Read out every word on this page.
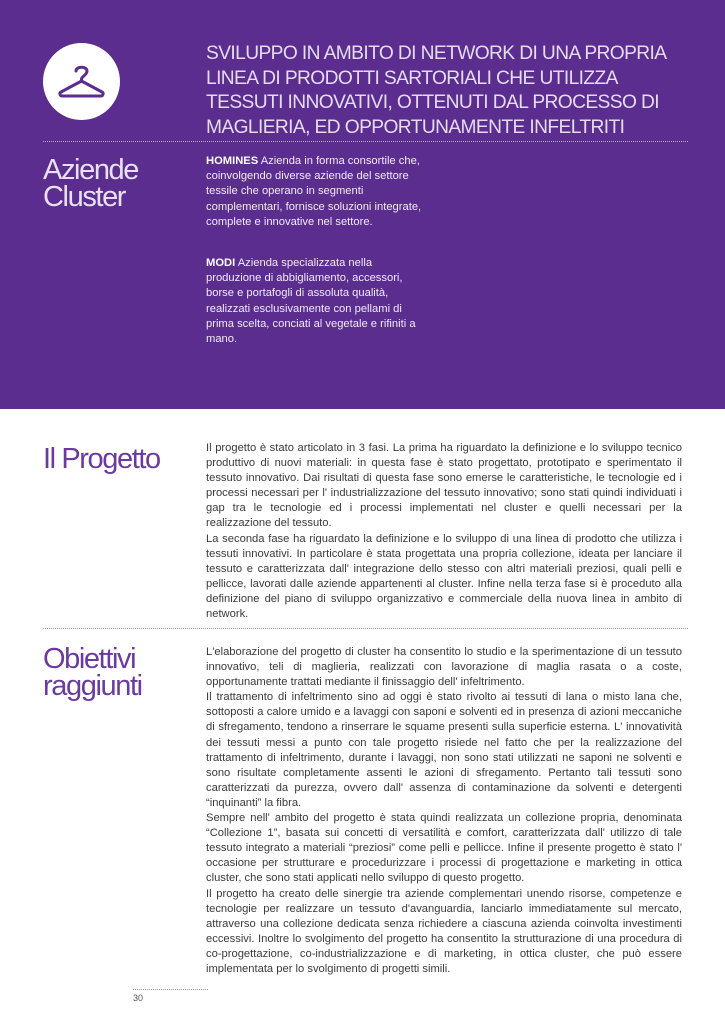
SVILUPPO IN AMBITO DI NETWORK DI UNA PROPRIA LINEA DI PRODOTTI SARTORIALI CHE UTILIZZA TESSUTI INNOVATIVI, OTTENUTI DAL PROCESSO DI MAGLIERIA, ED OPPORTUNAMENTE INFELTRITI
Aziende Cluster
HOMINES Azienda in forma consortile che, coinvolgendo diverse aziende del settore tessile che operano in segmenti complementari, fornisce soluzioni integrate, complete e innovative nel settore.
MODI Azienda specializzata nella produzione di abbigliamento, accessori, borse e portafogli di assoluta qualità, realizzati esclusivamente con pellami di prima scelta, conciati al vegetale e rifiniti a mano.
Il Progetto	Il progetto è stato articolato in 3 fasi. La prima ha riguardato la definizione e lo sviluppo tecnico produttivo di nuovi materiali: in questa fase è stato progettato, prototipato e sperimentato il tessuto innovativo. Dai risultati di questa fase sono emerse le caratteristiche, le tecnologie ed i processi necessari per l' industrializzazione del tessuto innovativo; sono stati quindi individuati i gap tra le tecnologie ed i processi implementati nel cluster e quelli necessari per la realizzazione del tessuto.

La seconda fase ha riguardato la definizione e lo sviluppo di una linea di prodotto che utilizza i tessuti innovativi. In particolare è stata progettata una propria collezione, ideata per lanciare il tessuto e caratterizzata dall' integrazione dello stesso con altri materiali preziosi, quali pelli e pellicce, lavorati dalle aziende appartenenti al cluster. Infine nella terza fase si è proceduto alla definizione del piano di sviluppo organizzativo e commerciale della nuova linea in ambito di network.

Obiettivi raggiunti

L'elaborazione del progetto di cluster ha consentito lo studio e la sperimentazione di un tessuto innovativo, teli di maglieria, realizzati con lavorazione di maglia rasata o a coste, opportunamente trattati mediante il finissaggio dell' infeltrimento.

Il trattamento di infeltrimento sino ad oggi è stato rivolto ai tessuti di lana o misto lana che, sottoposti a calore umido e a lavaggi con saponi e solventi ed in presenza di azioni meccaniche di sfregamento, tendono a rinserrare le squame presenti sulla superficie esterna. L' innovatività dei tessuti messi a punto con tale progetto risiede nel fatto che per la realizzazione del trattamento di infeltrimento, durante i lavaggi, non sono stati utilizzati ne saponi ne solventi e sono risultate completamente assenti le azioni di sfregamento. Pertanto tali tessuti sono caratterizzati da purezza, ovvero dall' assenza di contaminazione da solventi e detergenti “inquinanti” la fibra.

Sempre nell' ambito del progetto è stata quindi realizzata un collezione propria, denominata “Collezione 1”, basata sui concetti di versatilità e comfort, caratterizzata dall' utilizzo di tale tessuto integrato a materiali “preziosi” come pelli e pellicce. Infine il presente progetto è stato l' occasione per strutturare e procedurizzare i processi di progettazione e marketing in ottica cluster, che sono stati applicati nello sviluppo di questo progetto.

Il progetto ha creato delle sinergie tra aziende complementari unendo risorse, competenze e tecnologie per realizzare un tessuto d'avanguardia, lanciarlo immediatamente sul mercato, attraverso una collezione dedicata senza richiedere a ciascuna azienda coinvolta investimenti eccessivi. Inoltre lo svolgimento del progetto ha consentito la strutturazione di una procedura di co-progettazione, co-industrializzazione e di marketing, in ottica cluster, che può essere implementata per lo svolgimento di progetti simili.

30
